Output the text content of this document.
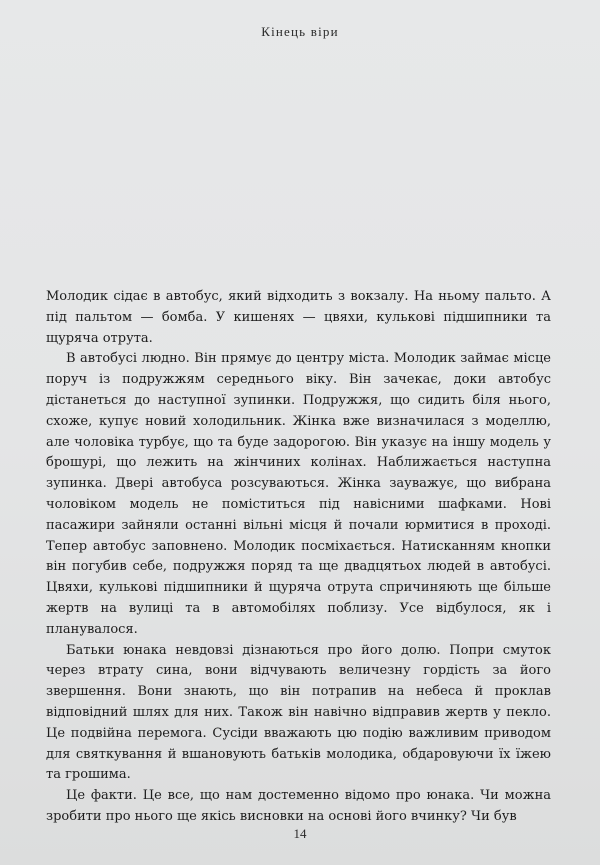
Кінець віри

Молодик сідає в автобус, який відходить з вокзалу. На ньому пальто. А під пальтом — бомба. У кишенях — цвяхи, кулькові підшипники та щуряча отрута.

В автобусі людно. Він прямує до центру міста. Молодик займає місце поруч із подружжям середнього віку. Він зачекає, доки автобус дістанеться до наступної зупинки. Подружжя, що сидить біля нього, схоже, купує новий холодильник. Жінка вже визначилася з моделлю, але чоловіка турбує, що та буде задорогою. Він указує на іншу модель у брошурі, що лежить на жінчиних колінах. Наближається наступна зупинка. Двері автобуса розсуваються. Жінка зауважує, що вибрана чоловіком модель не поміститься під навісними шафками. Нові пасажири зайняли останні вільні місця й почали юрмитися в проході. Тепер автобус заповнено. Молодик посміхається. Натисканням кнопки він погубив себе, подружжя поряд та ще двадцятьох людей в автобусі. Цвяхи, кулькові підшипники й щуряча отрута спричиняють ще більше жертв на вулиці та в автомобілях поблизу. Усе відбулося, як і планувалося.

Батьки юнака невдовзі дізнаються про його долю. Попри смуток через втрату сина, вони відчувають величезну гордість за його звершення. Вони знають, що він потрапив на небеса й проклав відповідний шлях для них. Також він навічно відправив жертв у пекло. Це подвійна перемога. Сусіди вважають цю подію важливим приводом для святкування й вшановують батьків молодика, обдаровуючи їх їжею та грошима.

Це факти. Це все, що нам достеменно відомо про юнака. Чи можна зробити про нього ще якісь висновки на основі його вчинку? Чи був

14
